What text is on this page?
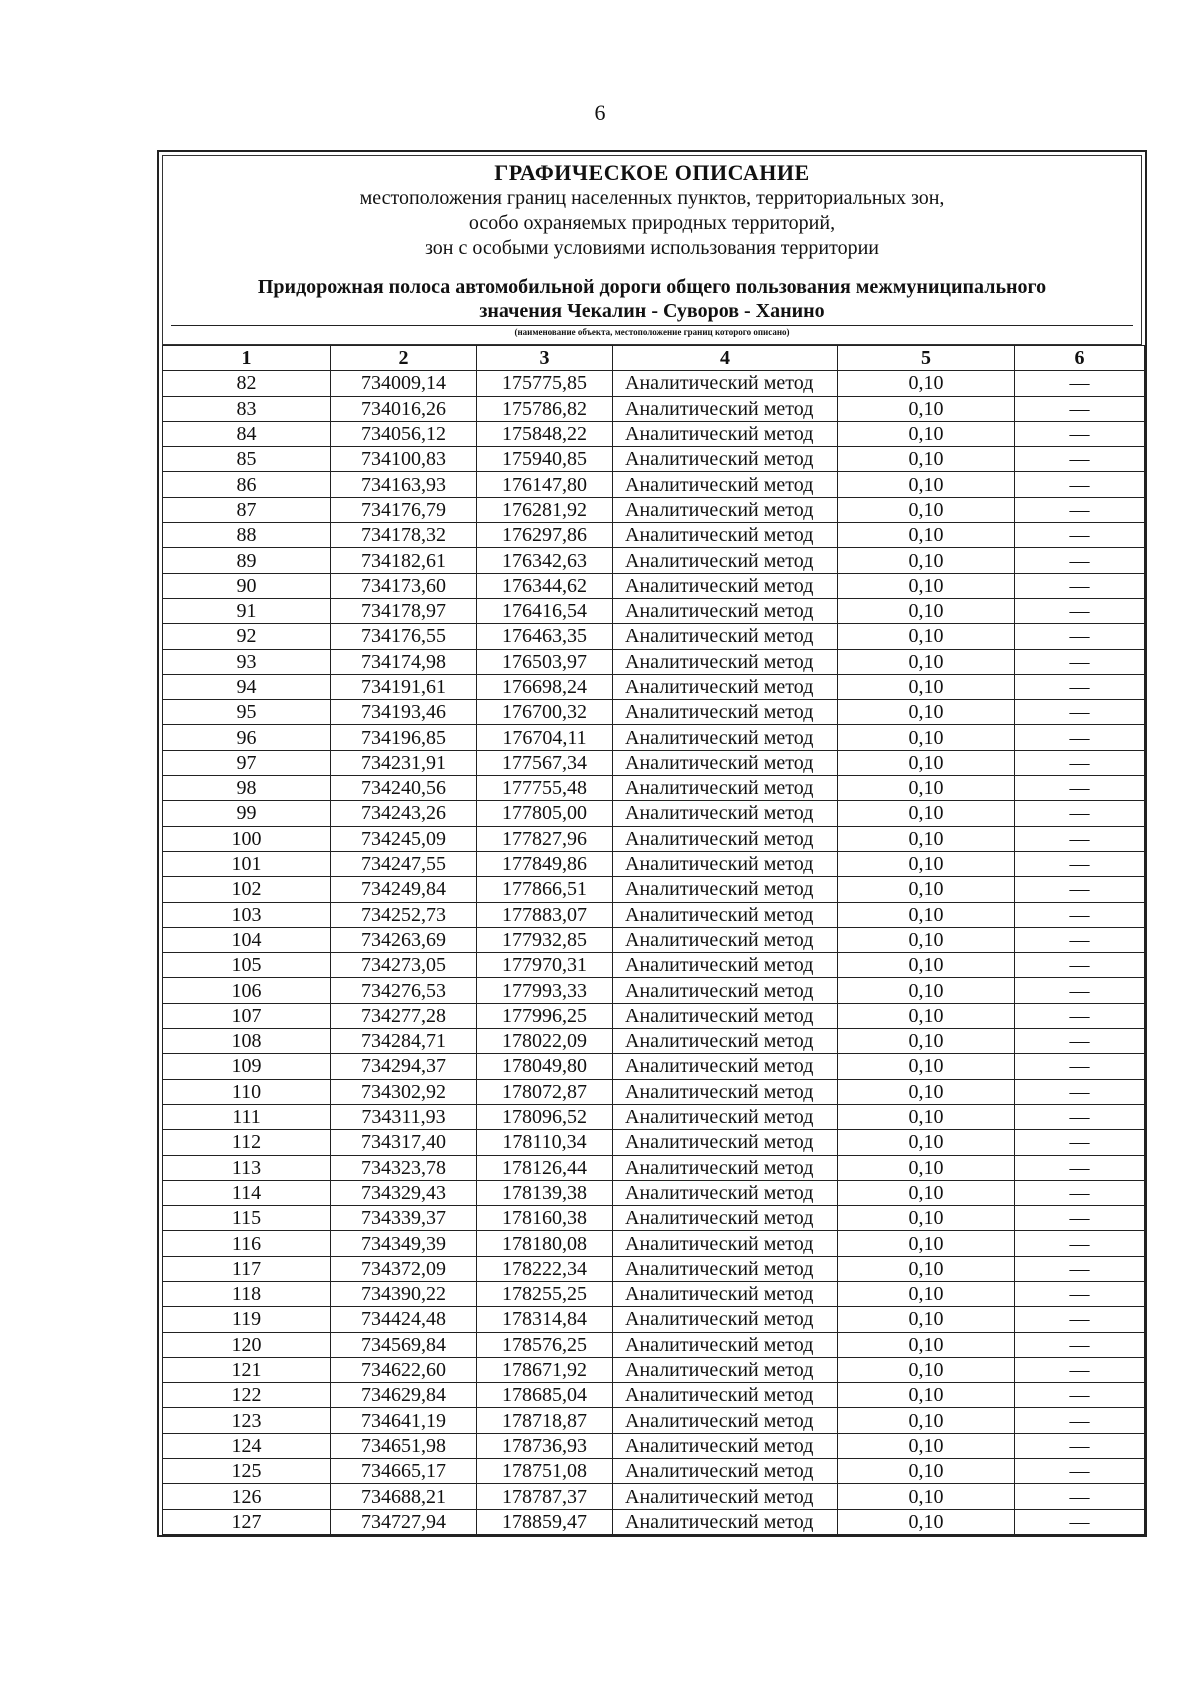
6
ГРАФИЧЕСКОЕ ОПИСАНИЕ
местоположения границ населенных пунктов, территориальных зон,
особо охраняемых природных территорий,
зон с особыми условиями использования территории
Придорожная полоса автомобильной дороги общего пользования межмуниципального
значения Чекалин - Суворов - Ханино
(наименование объекта, местоположение границ которого описано)
1	2	3	4	5	6
82	734009,14	175775,85	Аналитический метод	0,10	—
83	734016,26	175786,82	Аналитический метод	0,10	—
84	734056,12	175848,22	Аналитический метод	0,10	—
85	734100,83	175940,85	Аналитический метод	0,10	—
86	734163,93	176147,80	Аналитический метод	0,10	—
87	734176,79	176281,92	Аналитический метод	0,10	—
88	734178,32	176297,86	Аналитический метод	0,10	—
89	734182,61	176342,63	Аналитический метод	0,10	—
90	734173,60	176344,62	Аналитический метод	0,10	—
91	734178,97	176416,54	Аналитический метод	0,10	—
92	734176,55	176463,35	Аналитический метод	0,10	—
93	734174,98	176503,97	Аналитический метод	0,10	—
94	734191,61	176698,24	Аналитический метод	0,10	—
95	734193,46	176700,32	Аналитический метод	0,10	—
96	734196,85	176704,11	Аналитический метод	0,10	—
97	734231,91	177567,34	Аналитический метод	0,10	—
98	734240,56	177755,48	Аналитический метод	0,10	—
99	734243,26	177805,00	Аналитический метод	0,10	—
100	734245,09	177827,96	Аналитический метод	0,10	—
101	734247,55	177849,86	Аналитический метод	0,10	—
102	734249,84	177866,51	Аналитический метод	0,10	—
103	734252,73	177883,07	Аналитический метод	0,10	—
104	734263,69	177932,85	Аналитический метод	0,10	—
105	734273,05	177970,31	Аналитический метод	0,10	—
106	734276,53	177993,33	Аналитический метод	0,10	—
107	734277,28	177996,25	Аналитический метод	0,10	—
108	734284,71	178022,09	Аналитический метод	0,10	—
109	734294,37	178049,80	Аналитический метод	0,10	—
110	734302,92	178072,87	Аналитический метод	0,10	—
111	734311,93	178096,52	Аналитический метод	0,10	—
112	734317,40	178110,34	Аналитический метод	0,10	—
113	734323,78	178126,44	Аналитический метод	0,10	—
114	734329,43	178139,38	Аналитический метод	0,10	—
115	734339,37	178160,38	Аналитический метод	0,10	—
116	734349,39	178180,08	Аналитический метод	0,10	—
117	734372,09	178222,34	Аналитический метод	0,10	—
118	734390,22	178255,25	Аналитический метод	0,10	—
119	734424,48	178314,84	Аналитический метод	0,10	—
120	734569,84	178576,25	Аналитический метод	0,10	—
121	734622,60	178671,92	Аналитический метод	0,10	—
122	734629,84	178685,04	Аналитический метод	0,10	—
123	734641,19	178718,87	Аналитический метод	0,10	—
124	734651,98	178736,93	Аналитический метод	0,10	—
125	734665,17	178751,08	Аналитический метод	0,10	—
126	734688,21	178787,37	Аналитический метод	0,10	—
127	734727,94	178859,47	Аналитический метод	0,10	—
